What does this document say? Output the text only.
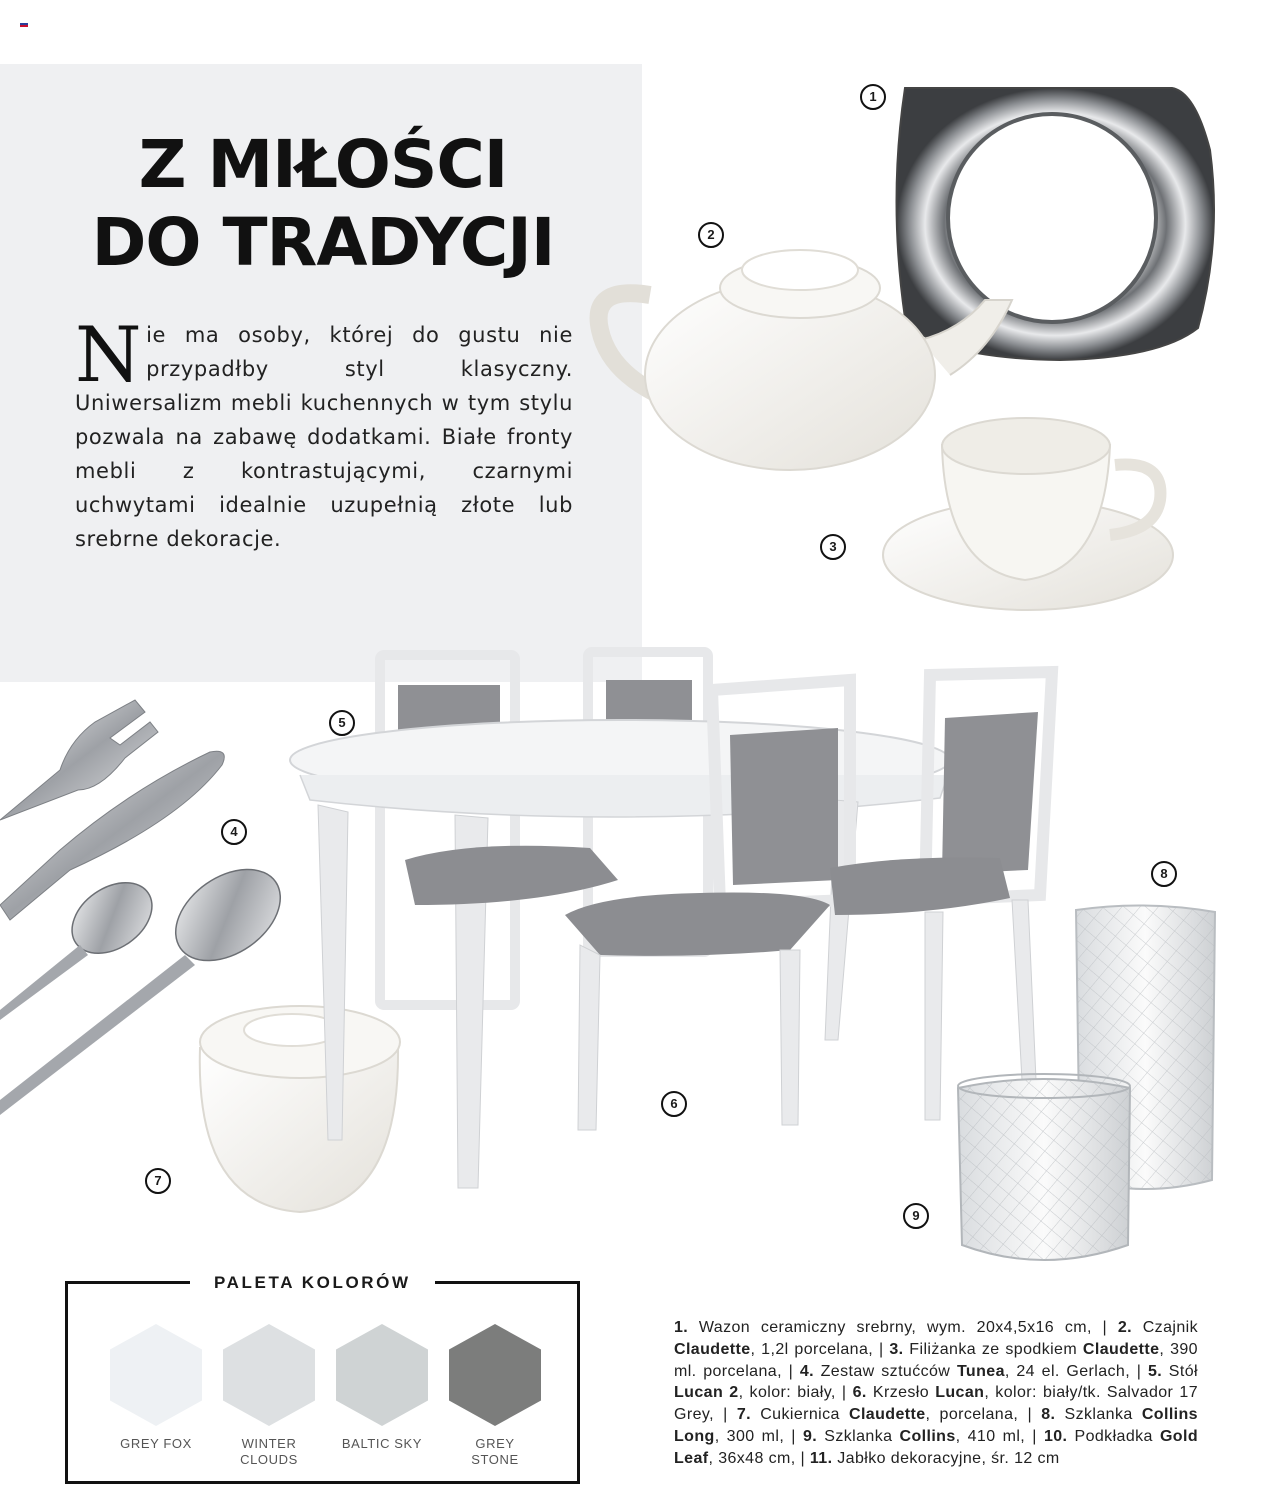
Z MIŁOŚCI
DO TRADYCJI

Nie ma osoby, której do gustu nie przypadłby styl klasyczny. Uniwersalizm mebli kuchennych w tym stylu pozwala na zabawę dodatkami. Białe fronty mebli z kontrastującymi, czarnymi uchwytami idealnie uzupełnią złote lub srebrne dekoracje.

1
2
3
4
5
6
7
8
9
PALETA KOLORÓW
GREY FOX	WINTER CLOUDS
BALTIC SKY	GREY STONE

1. Wazon ceramiczny srebrny, wym. 20x4,5x16 cm, | 2. Czajnik Claudette, 1,2l porcelana, | 3. Filiżanka ze spodkiem Claudette, 390 ml. porcelana, | 4. Zestaw sztućców Tunea, 24 el. Gerlach, | 5. Stół Lucan 2, kolor: biały, | 6. Krzesło Lucan, kolor: biały/tk. Salvador 17 Grey, | 7. Cukiernica Claudette, porcelana, | 8. Szklanka Collins Long, 300 ml, | 9. Szklanka Collins, 410 ml, | 10. Podkładka Gold Leaf, 36x48 cm, | 11. Jabłko dekoracyjne, śr. 12 cm
